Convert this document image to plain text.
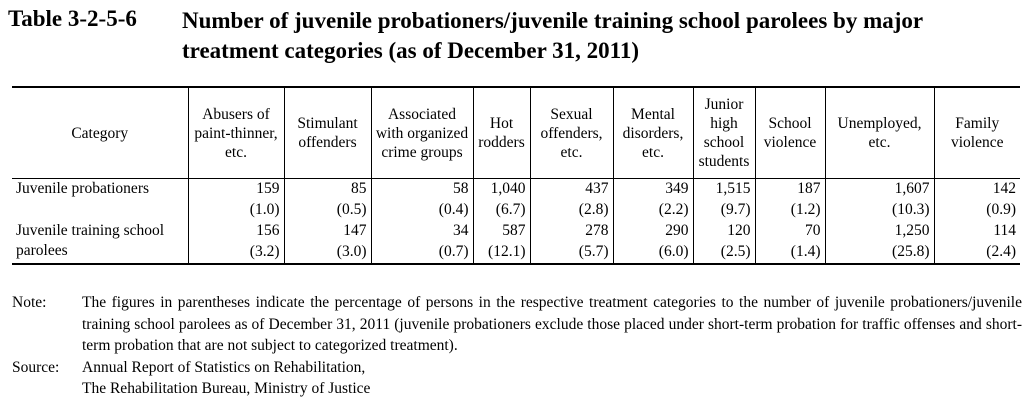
Table 3-2-5-6 Number of juvenile probationers/juvenile training school parolees by major treatment categories (as of December 31, 2011)
Category	Abusers of paint-thinner, etc.	Stimulant offenders	Associated with organized crime groups	Hot rodders	Sexual offenders, etc.	Mental disorders, etc.	Junior high school students	School violence	Unemployed, etc.	Family violence
Juvenile probationers	159	85	58	1,040	437	349	1,515	187	1,607	142
	(1.0)	(0.5)	(0.4)	(6.7)	(2.8)	(2.2)	(9.7)	(1.2)	(10.3)	(0.9)
Juvenile training school parolees	156	147	34	587	278	290	120	70	1,250	114
	(3.2)	(3.0)	(0.7)	(12.1)	(5.7)	(6.0)	(2.5)	(1.4)	(25.8)	(2.4)
Note: The figures in parentheses indicate the percentage of persons in the respective treatment categories to the number of juvenile probationers/juvenile training school parolees as of December 31, 2011 (juvenile probationers exclude those placed under short-term probation for traffic offenses and short-term probation that are not subject to categorized treatment).
Source: Annual Report of Statistics on Rehabilitation,
The Rehabilitation Bureau, Ministry of Justice
